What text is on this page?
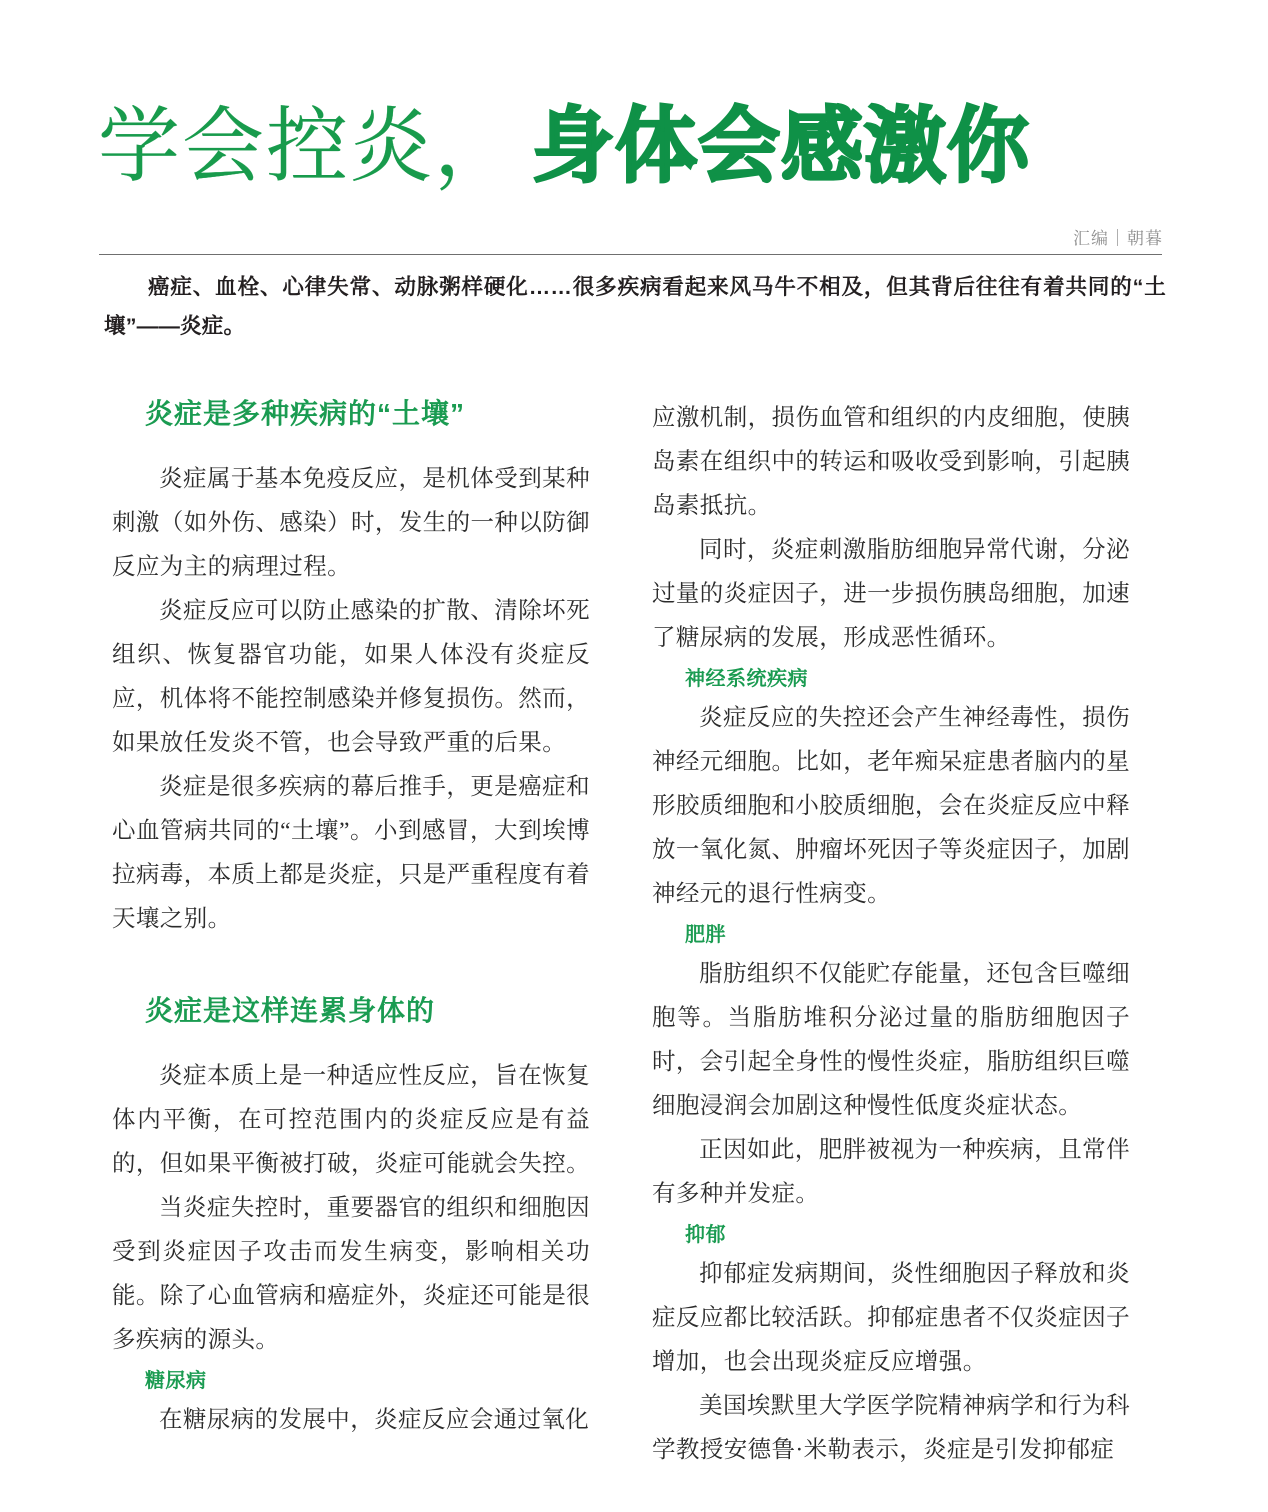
学会控炎， 身体会感激你
汇编｜朝暮
癌症、血栓、心律失常、动脉粥样硬化……很多疾病看起来风马牛不相及，但其背后往往有着共同的“土壤”——炎症。
炎症是多种疾病的“土壤”

炎症属于基本免疫反应，是机体受到某种刺激（如外伤、感染）时，发生的一种以防御反应为主的病理过程。

炎症反应可以防止感染的扩散、清除坏死组织、恢复器官功能，如果人体没有炎症反应，机体将不能控制感染并修复损伤。然而，如果放任发炎不管，也会导致严重的后果。

炎症是很多疾病的幕后推手，更是癌症和心血管病共同的“土壤”。小到感冒，大到埃博拉病毒，本质上都是炎症，只是严重程度有着天壤之别。

炎症是这样连累身体的

炎症本质上是一种适应性反应，旨在恢复体内平衡，在可控范围内的炎症反应是有益的，但如果平衡被打破，炎症可能就会失控。

当炎症失控时，重要器官的组织和细胞因受到炎症因子攻击而发生病变，影响相关功能。除了心血管病和癌症外，炎症还可能是很多疾病的源头。

糖尿病

在糖尿病的发展中，炎症反应会通过氧化

应激机制，损伤血管和组织的内皮细胞，使胰岛素在组织中的转运和吸收受到影响，引起胰岛素抵抗。

同时，炎症刺激脂肪细胞异常代谢，分泌过量的炎症因子，进一步损伤胰岛细胞，加速了糖尿病的发展，形成恶性循环。

神经系统疾病

炎症反应的失控还会产生神经毒性，损伤神经元细胞。比如，老年痴呆症患者脑内的星形胶质细胞和小胶质细胞，会在炎症反应中释放一氧化氮、肿瘤坏死因子等炎症因子，加剧神经元的退行性病变。

肥胖

脂肪组织不仅能贮存能量，还包含巨噬细胞等。当脂肪堆积分泌过量的脂肪细胞因子时，会引起全身性的慢性炎症，脂肪组织巨噬细胞浸润会加剧这种慢性低度炎症状态。

正因如此，肥胖被视为一种疾病，且常伴有多种并发症。

抑郁

抑郁症发病期间，炎性细胞因子释放和炎症反应都比较活跃。抑郁症患者不仅炎症因子增加，也会出现炎症反应增强。

美国埃默里大学医学院精神病学和行为科学教授安德鲁·米勒表示，炎症是引发抑郁症
